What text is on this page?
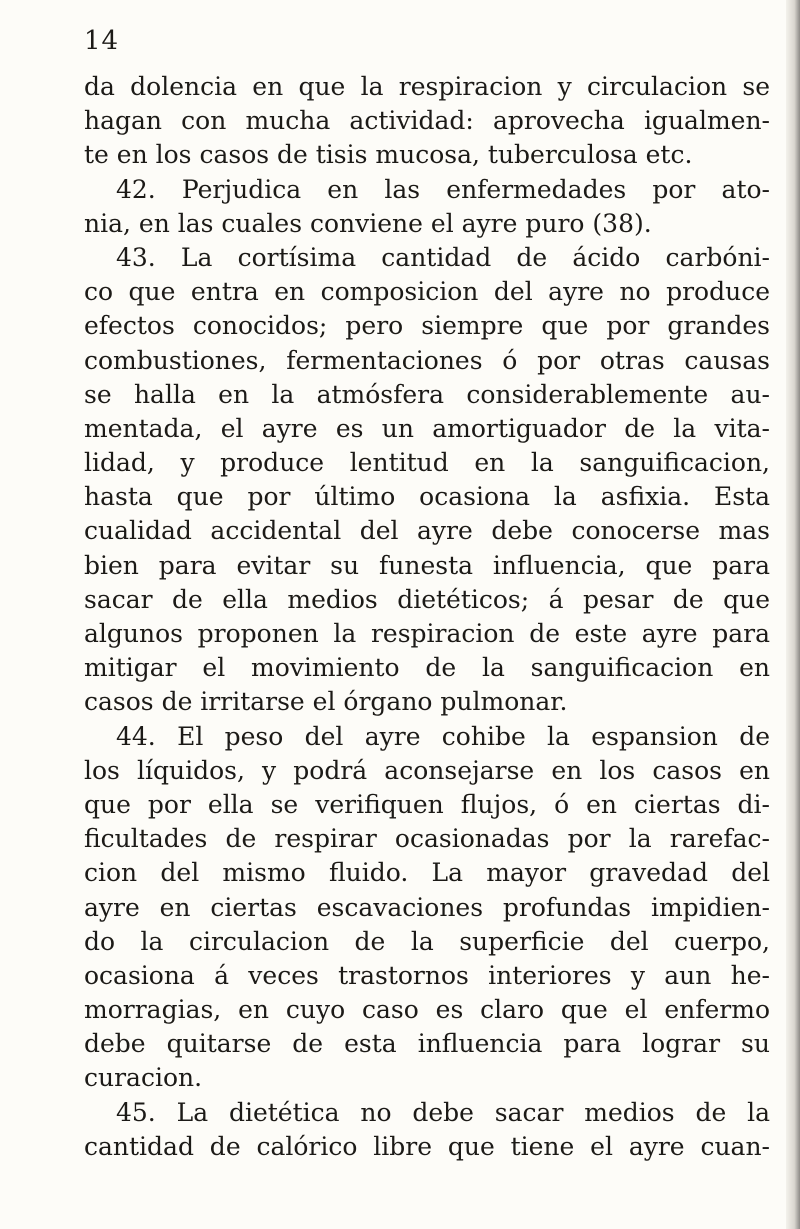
14

da dolencia en que la respiracion y circulacion se
hagan con mucha actividad: aprovecha igualmen-
te en los casos de tisis mucosa, tuberculosa etc.
42. Perjudica en las enfermedades por ato-
nia, en las cuales conviene el ayre puro (38).
43. La cortísima cantidad de ácido carbóni-
co que entra en composicion del ayre no produce
efectos conocidos; pero siempre que por grandes
combustiones, fermentaciones ó por otras causas
se halla en la atmósfera considerablemente au-
mentada, el ayre es un amortiguador de la vita-
lidad, y produce lentitud en la sanguificacion,
hasta que por último ocasiona la asfixia. Esta
cualidad accidental del ayre debe conocerse mas
bien para evitar su funesta influencia, que para
sacar de ella medios dietéticos; á pesar de que
algunos proponen la respiracion de este ayre para
mitigar el movimiento de la sanguificacion en
casos de irritarse el órgano pulmonar.
44. El peso del ayre cohibe la espansion de
los líquidos, y podrá aconsejarse en los casos en
que por ella se verifiquen flujos, ó en ciertas di-
ficultades de respirar ocasionadas por la rarefac-
cion del mismo fluido. La mayor gravedad del
ayre en ciertas escavaciones profundas impidien-
do la circulacion de la superficie del cuerpo,
ocasiona á veces trastornos interiores y aun he-
morragias, en cuyo caso es claro que el enfermo
debe quitarse de esta influencia para lograr su
curacion.
45. La dietética no debe sacar medios de la
cantidad de calórico libre que tiene el ayre cuan-
